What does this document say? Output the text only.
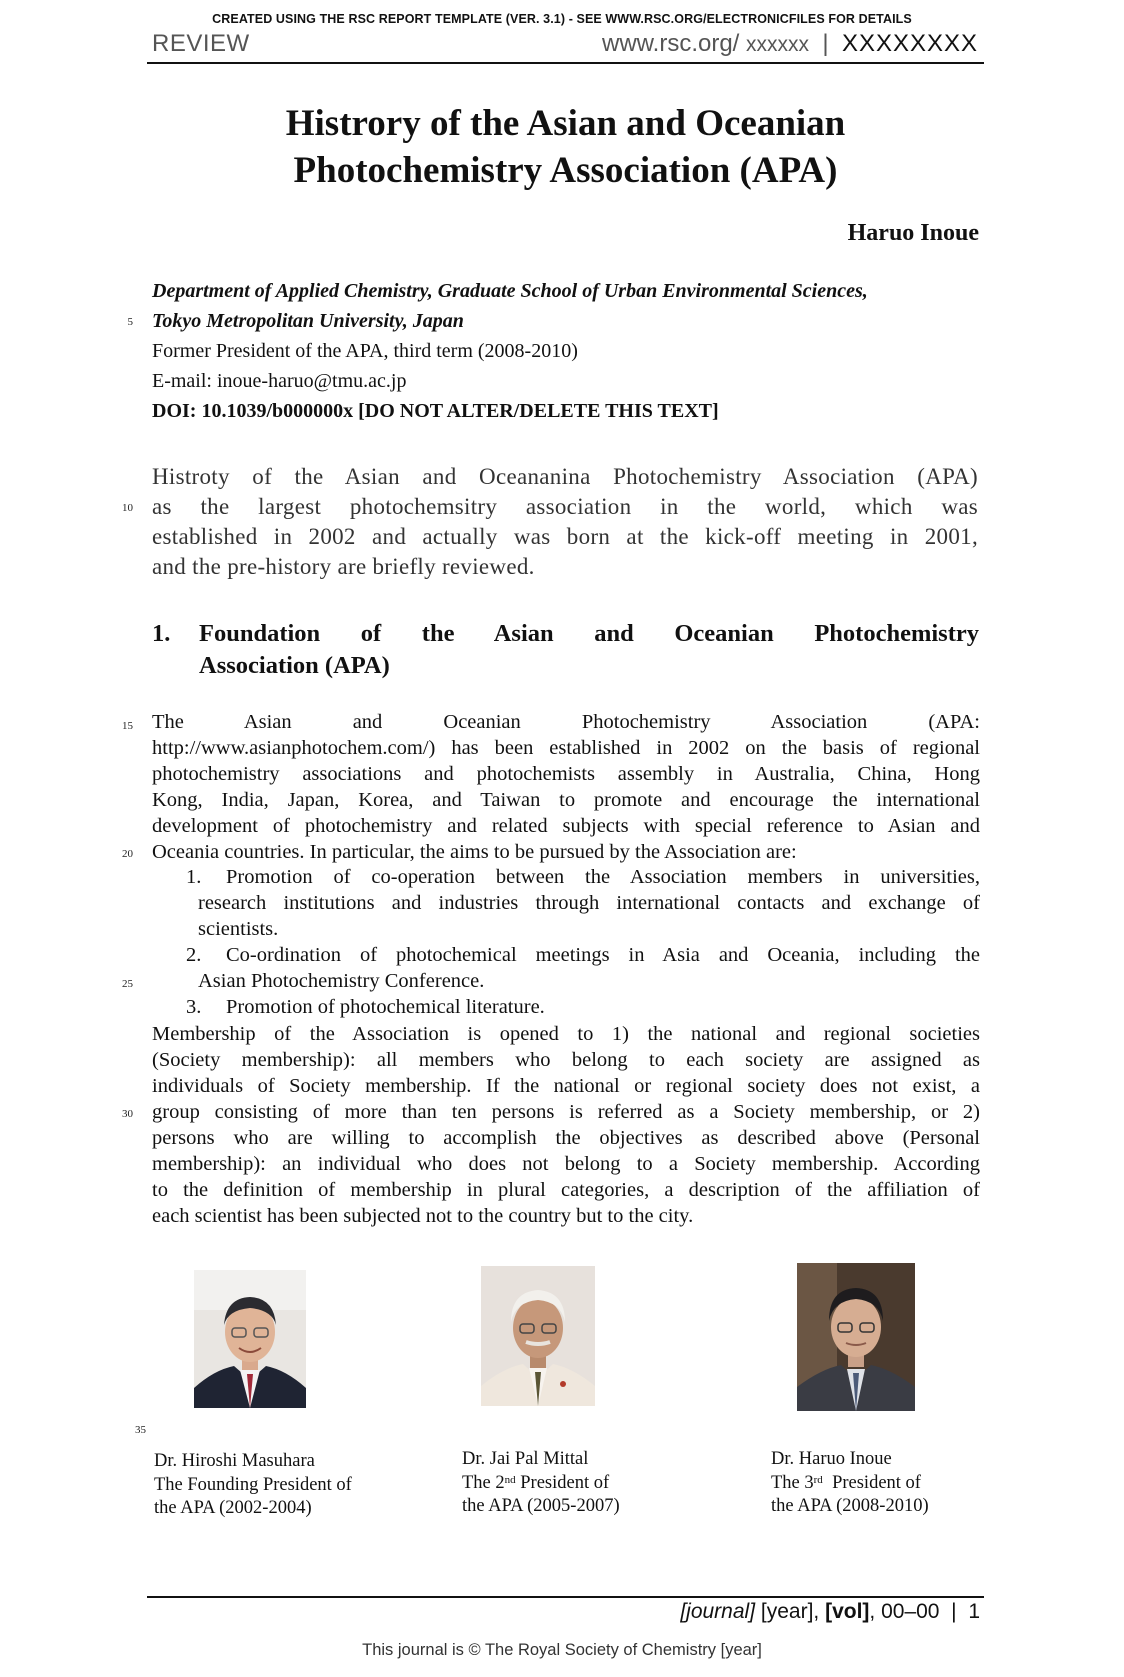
CREATED USING THE RSC REPORT TEMPLATE (VER. 3.1) - SEE WWW.RSC.ORG/ELECTRONICFILES FOR DETAILS
REVIEW	www.rsc.org/ xxxxxx | XXXXXXXX
Histrory of the Asian and Oceanian
Photochemistry Association (APA)
Haruo Inoue
Department of Applied Chemistry, Graduate School of Urban Environmental Sciences,
5 Tokyo Metropolitan University, Japan
Former President of the APA, third term (2008-2010)
E-mail: inoue-haruo@tmu.ac.jp
DOI: 10.1039/b000000x [DO NOT ALTER/DELETE THIS TEXT]
Histroty of the Asian and Oceananina Photochemistry Association (APA)
10 as the largest photochemsitry association in the world, which was
established in 2002 and actually was born at the kick-off meeting in 2001,
and the pre-history are briefly reviewed.
1. Foundation of the Asian and Oceanian Photochemistry
Association (APA)
15 The Asian and Oceanian Photochemistry Association (APA:
http://www.asianphotochem.com/) has been established in 2002 on the basis of regional
photochemistry associations and photochemists assembly in Australia, China, Hong
Kong, India, Japan, Korea, and Taiwan to promote and encourage the international
development of photochemistry and related subjects with special reference to Asian and
20 Oceania countries. In particular, the aims to be pursued by the Association are:
1. Promotion of co-operation between the Association members in universities,
research institutions and industries through international contacts and exchange of
scientists.
2. Co-ordination of photochemical meetings in Asia and Oceania, including the
25	Asian Photochemistry Conference.
3. Promotion of photochemical literature.
Membership of the Association is opened to 1) the national and regional societies
(Society membership): all members who belong to each society are assigned as
individuals of Society membership. If the national or regional society does not exist, a
30 group consisting of more than ten persons is referred as a Society membership, or 2)
persons who are willing to accomplish the objectives as described above (Personal
membership): an individual who does not belong to a Society membership. According
to the definition of membership in plural categories, a description of the affiliation of
each scientist has been subjected not to the country but to the city.
35
Dr. Hiroshi Masuhara
The Founding President of
the APA (2002-2004)
Dr. Jai Pal Mittal
The 2nd President of
the APA (2005-2007)
Dr. Haruo Inoue
The 3rd  President of
the APA (2008-2010)
[journal] [year], [vol], 00–00 | 1
This journal is © The Royal Society of Chemistry [year]
